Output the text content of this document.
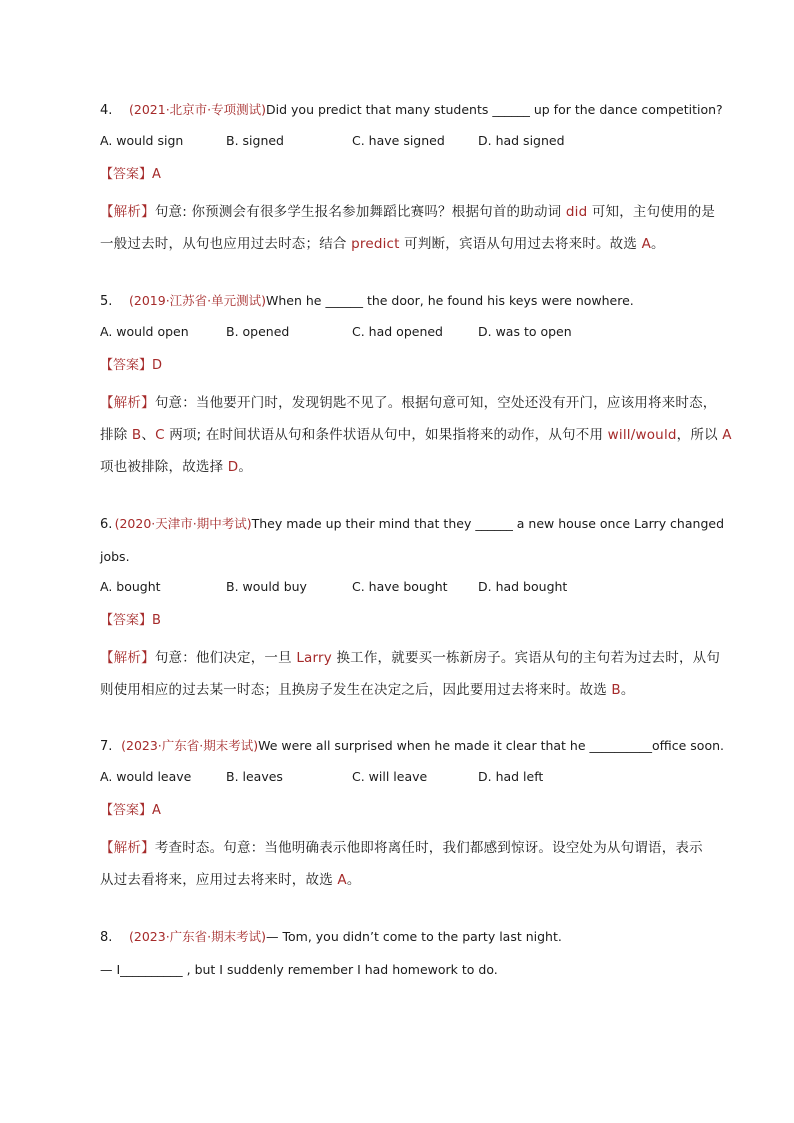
4.	(2021·北京市·专项测试) Did you predict that many students ______ up for the dance competition?
A. would sign	B. signed	C. have signed	D. had signed
【答案】A

【解析】句意: 你预测会有很多学生报名参加舞蹈比赛吗？根据句首的助动词 did 可知，主句使用的是

一般过去时，从句也应用过去时态；结合 predict 可判断，宾语从句用过去将来时。故选 A。

5.	(2019·江苏省·单元测试) When he ______ the door, he found his keys were nowhere.
A. would open	B. opened	C. had opened	D. was to open
【答案】D

【解析】句意：当他要开门时，发现钥匙不见了。根据句意可知，空处还没有开门，应该用将来时态，

排除 B、C 两项; 在时间状语从句和条件状语从句中，如果指将来的动作，从句不用 will/would，所以 A

项也被排除，故选择 D。

6. (2020·天津市·期中考试) They made up their mind that they ______ a new house once Larry changed
jobs.
A. bought	B. would buy	C. have bought D. had bought
【答案】B

【解析】句意：他们决定，一旦 Larry 换工作，就要买一栋新房子。宾语从句的主句若为过去时，从句

则使用相应的过去某一时态；且换房子发生在决定之后，因此要用过去将来时。故选 B。

7. (2023·广东省·期末考试) We were all surprised when he made it clear that he __________office soon.
A. would leave	B. leaves	C. will leave	D. had left
【答案】A

【解析】考查时态。句意：当他明确表示他即将离任时，我们都感到惊讶。设空处为从句谓语，表示

从过去看将来，应用过去将来时，故选 A。

8.	(2023·广东省·期末考试) — Tom, you didn’t come to the party last night.
— I__________ , but I suddenly remember I had homework to do.
